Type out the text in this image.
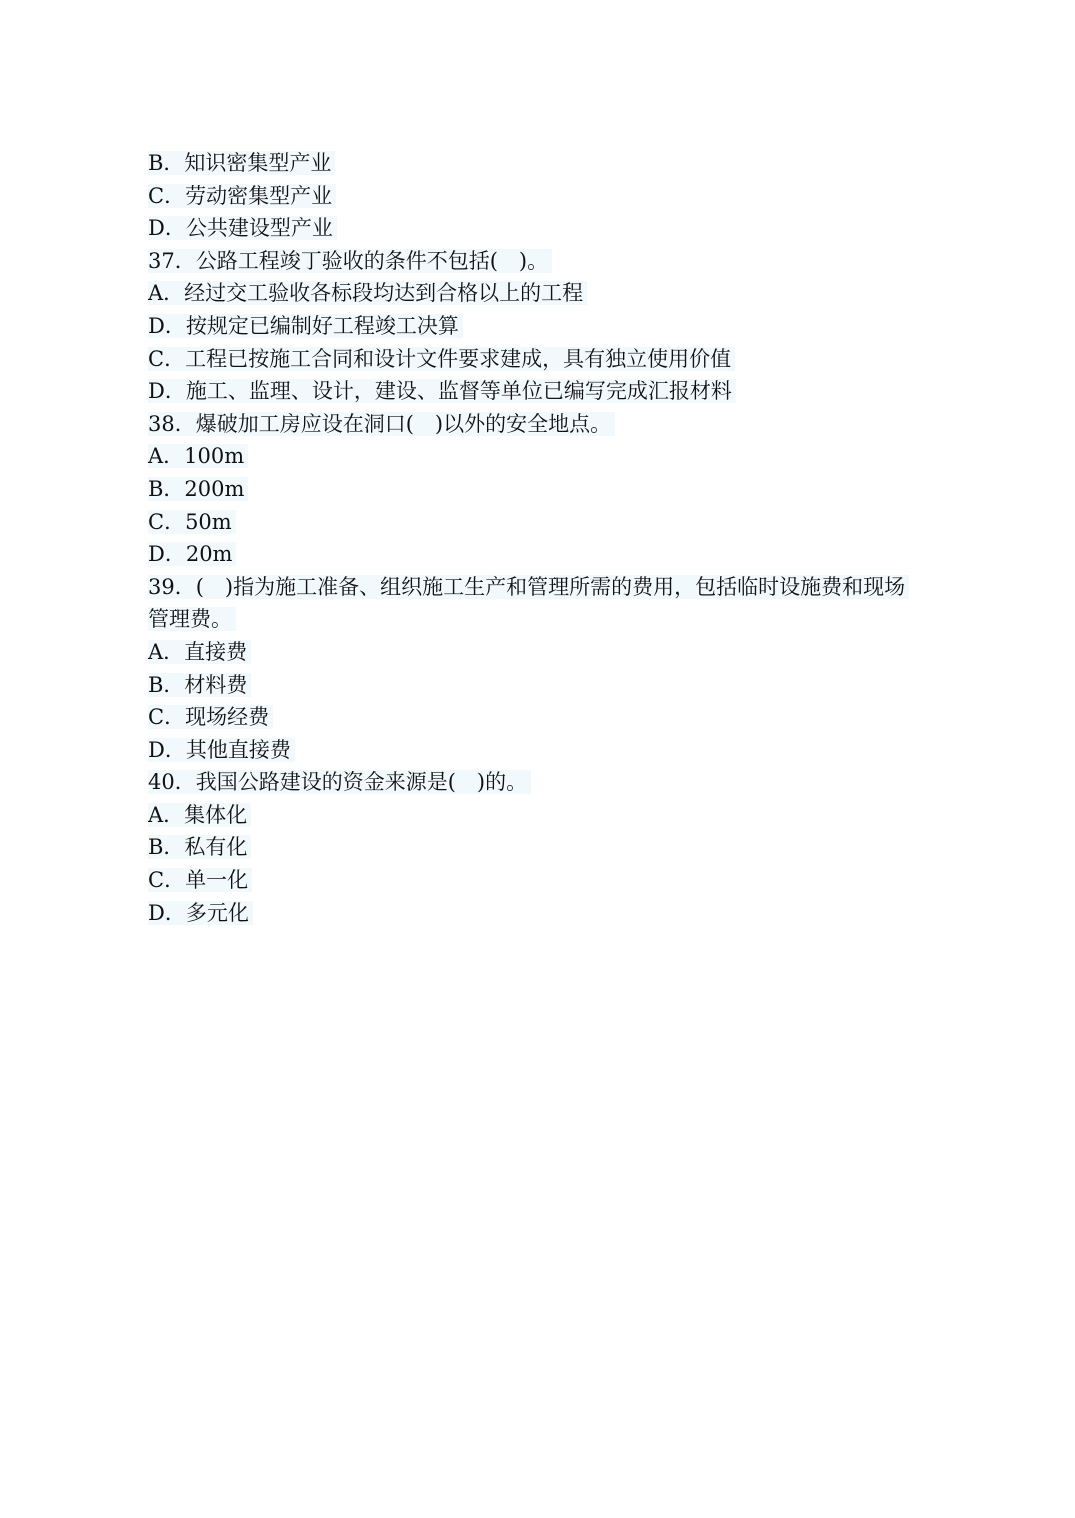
B．知识密集型产业
C．劳动密集型产业
D．公共建设型产业
37．公路工程竣丁验收的条件不包括(　)。
A．经过交工验收各标段均达到合格以上的工程
D．按规定已编制好工程竣工决算
C．工程已按施工合同和设计文件要求建成，具有独立使用价值
D．施工、监理、设计，建设、监督等单位已编写完成汇报材料
38．爆破加工房应设在洞口(　)以外的安全地点。
A．100m
B．200m
C．50m
D．20m
39．(　)指为施工准备、组织施工生产和管理所需的费用，包括临时设施费和现场
管理费。
A．直接费
B．材料费
C．现场经费
D．其他直接费
40．我国公路建设的资金来源是(　)的。
A．集体化
B．私有化
C．单一化
D．多元化
